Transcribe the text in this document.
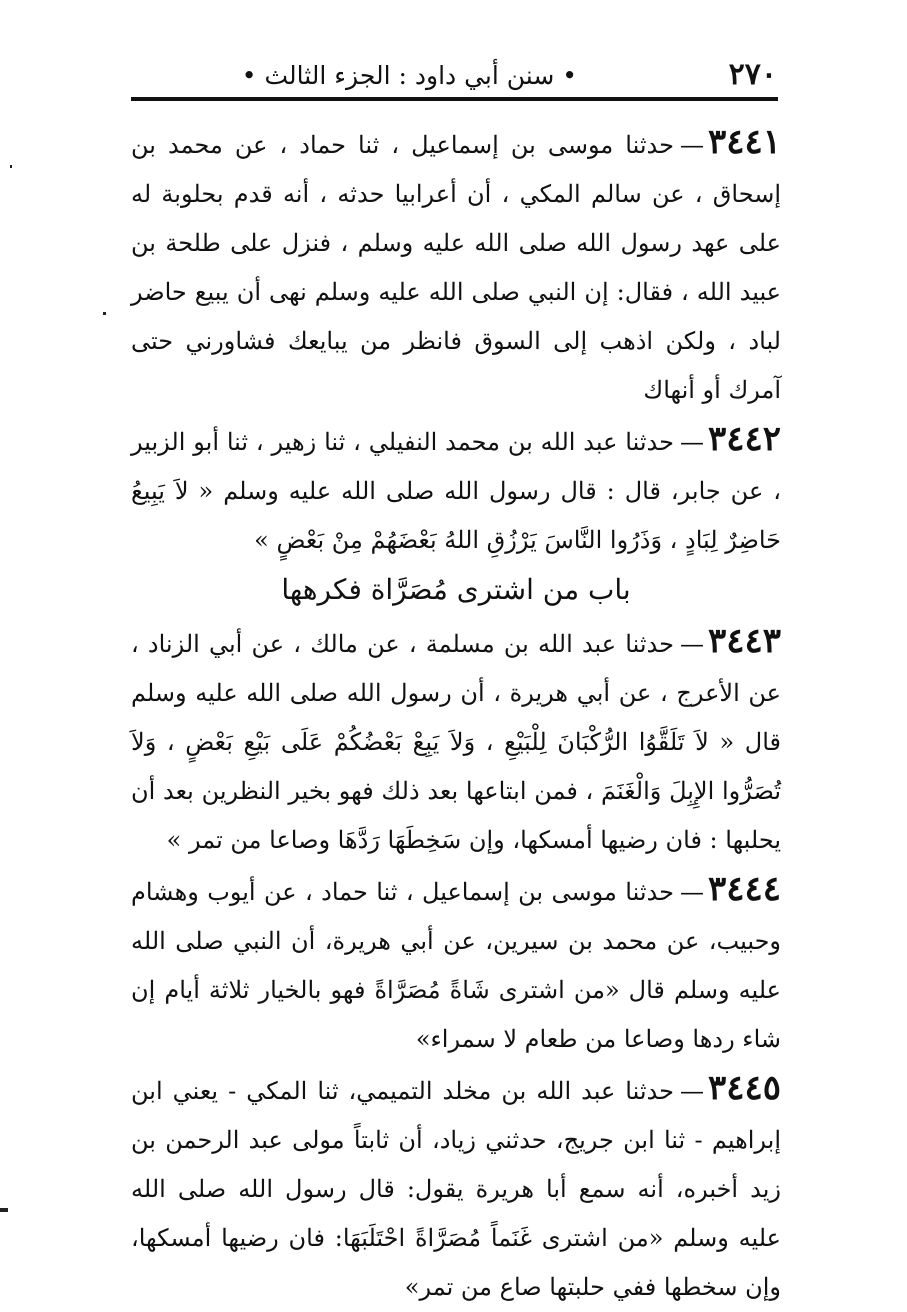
٢٧٠
• سنن أبي داود : الجزء الثالث •

٣٤٤١—حدثنا موسى بن إسماعيل ، ثنا حماد ، عن محمد بن إسحاق ، عن سالم المكي ، أن أعرابيا حدثه ، أنه قدم بحلوبة له على عهد رسول الله صلى الله عليه وسلم ، فنزل على طلحة بن عبيد الله ، فقال: إن النبي صلى الله عليه وسلم نهى أن يبيع حاضر لباد ، ولكن اذهب إلى السوق فانظر من يبايعك فشاورني حتى آمرك أو أنهاك

٣٤٤٢—حدثنا عبد الله بن محمد النفيلي ، ثنا زهير ، ثنا أبو الزبير ، عن جابر، قال : قال رسول الله صلى الله عليه وسلم « لاَ يَبِيعُ حَاضِرٌ لِبَادٍ ، وَذَرُوا النَّاسَ يَرْزُقِ اللهُ بَعْضَهُمْ مِنْ بَعْضٍ »

باب من اشترى مُصَرَّاة فكرهها

٣٤٤٣—حدثنا عبد الله بن مسلمة ، عن مالك ، عن أبي الزناد ، عن الأعرج ، عن أبي هريرة ، أن رسول الله صلى الله عليه وسلم قال « لاَ تَلَقَّوُا الرُّكْبَانَ لِلْبَيْعِ ، وَلاَ يَبِعْ بَعْضُكُمْ عَلَى بَيْعِ بَعْضٍ ، وَلاَ تُصَرُّوا الإِبِلَ وَالْغَنَمَ ، فمن ابتاعها بعد ذلك فهو بخير النظرين بعد أن يحلبها : فان رضيها أمسكها، وإن سَخِطَهَا رَدَّهَا وصاعا من تمر »

٣٤٤٤—حدثنا موسى بن إسماعيل ، ثنا حماد ، عن أيوب وهشام وحبيب، عن محمد بن سيرين، عن أبي هريرة، أن النبي صلى الله عليه وسلم قال «من اشترى شَاةً مُصَرَّاةً فهو بالخيار ثلاثة أيام إن شاء ردها وصاعا من طعام لا سمراء»

٣٤٤٥—حدثنا عبد الله بن مخلد التميمي، ثنا المكي - يعني ابن إبراهيم - ثنا ابن جريج، حدثني زياد، أن ثابتاً مولى عبد الرحمن بن زيد أخبره، أنه سمع أبا هريرة يقول: قال رسول الله صلى الله عليه وسلم «من اشترى غَنَماً مُصَرَّاةً احْتَلَبَهَا: فان رضيها أمسكها، وإن سخطها ففي حلبتها صاع من تمر»
